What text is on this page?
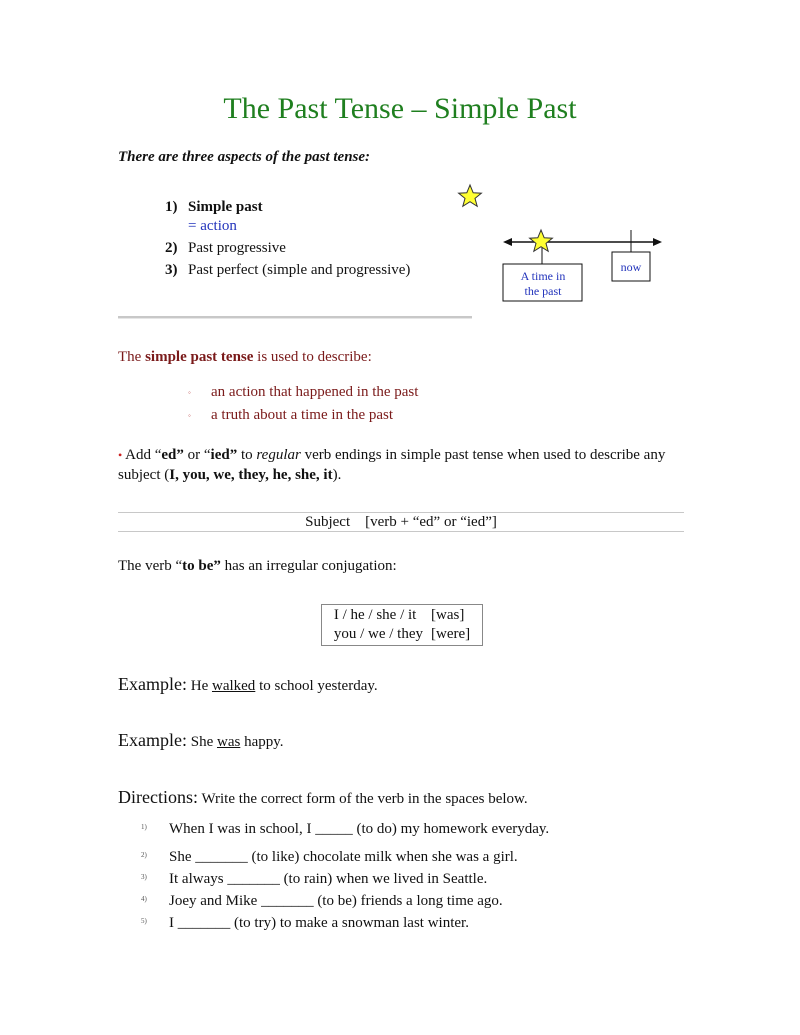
The Past Tense – Simple Past
There are three aspects of the past tense:
1) Simple past
= action
2) Past progressive
3) Past perfect (simple and progressive)	A time in
the past
now
The simple past tense is used to describe:
◦ an action that happened in the past
◦ a truth about a time in the past
• Add “ed” or “ied” to regular verb endings in simple past tense when used to describe any subject (I, you, we, they, he, she, it).
Subject    [verb + “ed” or “ied”]
The verb “to be” has an irregular conjugation:
I / he / she / it	[was]
you / we / they	[were]
Example: He walked to school yesterday.
Example: She was happy.
Directions: Write the correct form of the verb in the spaces below.
1) When I was in school, I _____ (to do) my homework everyday.
2) She _______ (to like) chocolate milk when she was a girl.
3) It always _______ (to rain) when we lived in Seattle.
4) Joey and Mike _______ (to be) friends a long time ago.
5) I _______ (to try) to make a snowman last winter.
